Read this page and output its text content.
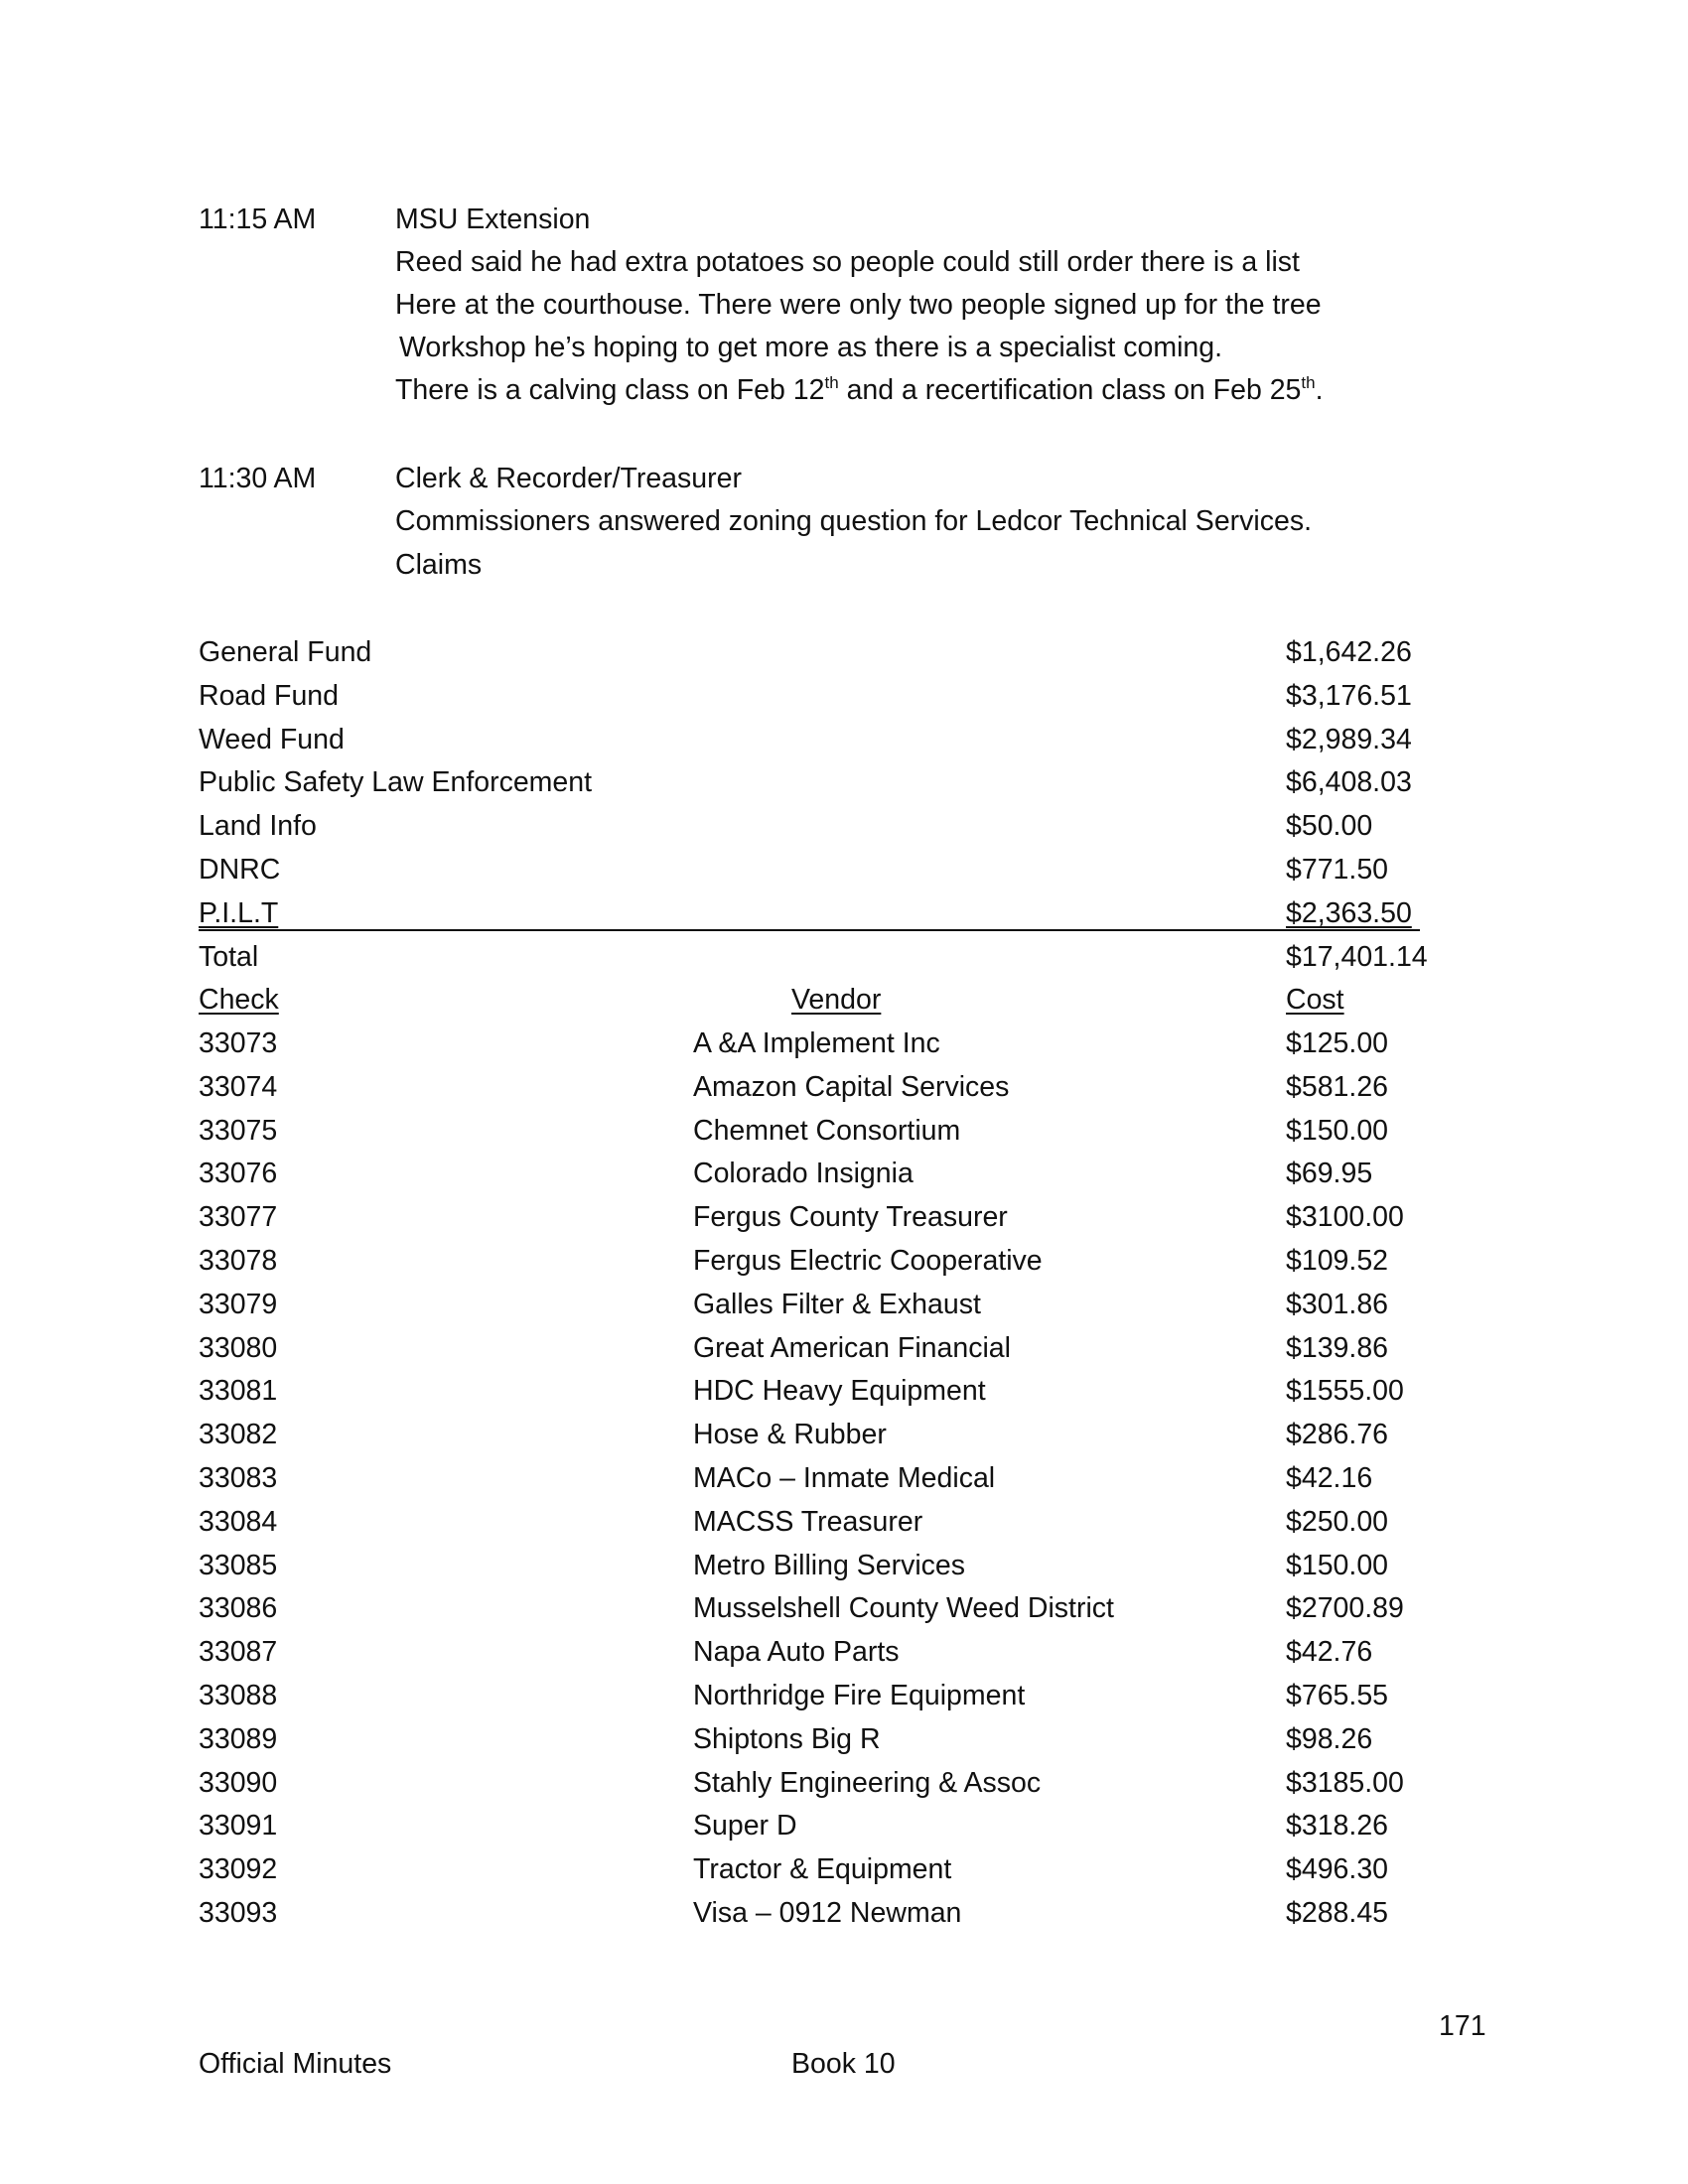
11:15 AM	MSU Extension
Reed said he had extra potatoes so people could still order there is a list
Here at the courthouse. There were only two people signed up for the tree
Workshop he’s hoping to get more as there is a specialist coming.
There is a calving class on Feb 12th and a recertification class on Feb 25th.
11:30 AM	Clerk & Recorder/Treasurer
Commissioners answered zoning question for Ledcor Technical Services.
Claims
General Fund	$1,642.26
Road Fund	$3,176.51
Weed Fund	$2,989.34
Public Safety Law Enforcement	$6,408.03
Land Info	$50.00
DNRC	$771.50
P.I.L.T	$2,363.50
Total	$17,401.14
Check	Vendor	Cost
33073	A &A Implement Inc	$125.00
33074	Amazon Capital Services	$581.26
33075	Chemnet Consortium	$150.00
33076	Colorado Insignia	$69.95
33077	Fergus County Treasurer	$3100.00
33078	Fergus Electric Cooperative	$109.52
33079	Galles Filter & Exhaust	$301.86
33080	Great American Financial	$139.86
33081	HDC Heavy Equipment	$1555.00
33082	Hose & Rubber	$286.76
33083	MACo – Inmate Medical	$42.16
33084	MACSS Treasurer	$250.00
33085	Metro Billing Services	$150.00
33086	Musselshell County Weed District	$2700.89
33087	Napa Auto Parts	$42.76
33088	Northridge Fire Equipment	$765.55
33089	Shiptons Big R	$98.26
33090	Stahly Engineering & Assoc	$3185.00
33091	Super D	$318.26
33092	Tractor & Equipment	$496.30
33093	Visa – 0912 Newman	$288.45
171
Official Minutes	Book 10
